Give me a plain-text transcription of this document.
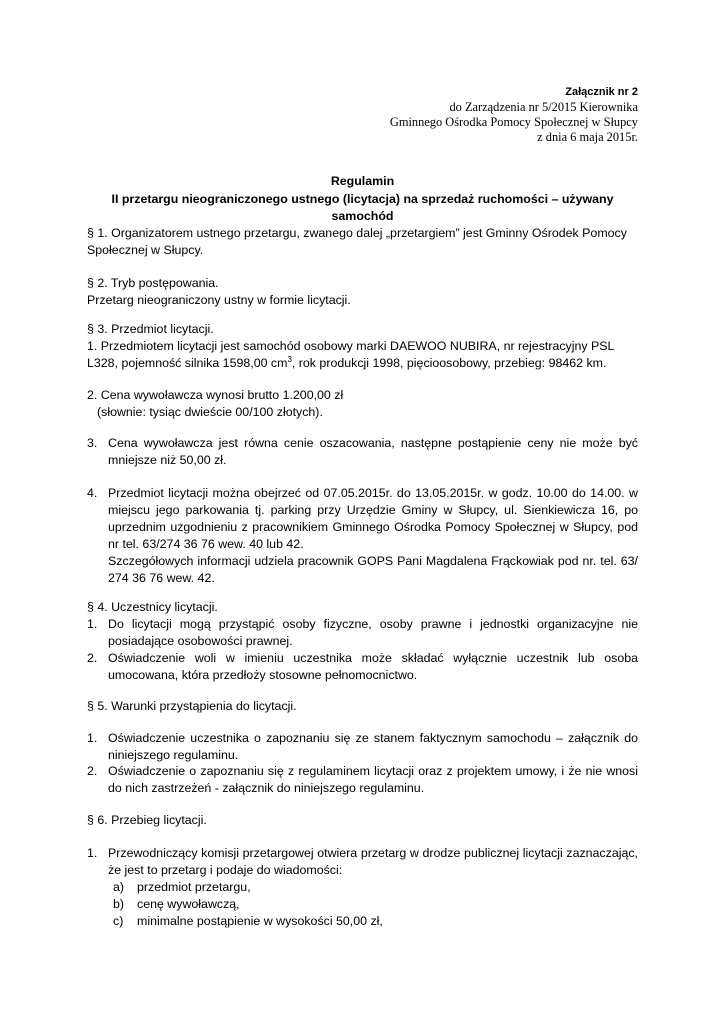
Załącznik nr 2
do Zarządzenia nr 5/2015 Kierownika
Gminnego Ośrodka Pomocy Społecznej w Słupcy
z dnia 6 maja 2015r.
Regulamin
II przetargu nieograniczonego ustnego (licytacja) na sprzedaż ruchomości – używany samochód

§ 1. Organizatorem ustnego przetargu, zwanego dalej „przetargiem” jest Gminny Ośrodek Pomocy Społecznej w Słupcy.

§ 2. Tryb postępowania.
Przetarg nieograniczony ustny w formie licytacji.
§ 3. Przedmiot licytacji.

1. Przedmiotem licytacji jest samochód osobowy marki DAEWOO NUBIRA, nr rejestracyjny PSL L328, pojemność silnika 1598,00 $cm^3$, rok produkcji 1998, pięcioosobowy, przebieg: 98462 km.

2. Cena wywoławcza wynosi brutto 1.200,00 zł
(słownie: tysiąc dwieście 00/100 złotych).
3. Cena wywoławcza jest równa cenie oszacowania, następne postąpienie ceny nie może być mniejsze niż 50,00 zł.

4. Przedmiot licytacji można obejrzeć od 07.05.2015r. do 13.05.2015r. w godz. 10.00 do 14.00. w miejscu jego parkowania tj. parking przy Urzędzie Gminy w Słupcy, ul. Sienkiewicza 16, po uprzednim uzgodnieniu z pracownikiem Gminnego Ośrodka Pomocy Społecznej w Słupcy, pod nr tel. 63/274 36 76 wew. 40 lub 42.

Szczegółowych informacji udziela pracownik GOPS Pani Magdalena Frąckowiak pod nr. tel. 63/ 274 36 76 wew. 42.

§ 4. Uczestnicy licytacji.
1. Do licytacji mogą przystąpić osoby fizyczne, osoby prawne i jednostki organizacyjne nie posiadające osobowości prawnej.

2. Oświadczenie woli w imieniu uczestnika może składać wyłącznie uczestnik lub osoba umocowana, która przedłoży stosowne pełnomocnictwo.

§ 5. Warunki przystąpienia do licytacji.
1. Oświadczenie uczestnika o zapoznaniu się ze stanem faktycznym samochodu – załącznik do niniejszego regulaminu.

2. Oświadczenie o zapoznaniu się z regulaminem licytacji oraz z projektem umowy, i że nie wnosi do nich zastrzeżeń - załącznik do niniejszego regulaminu.

§ 6. Przebieg licytacji.
1. Przewodniczący komisji przetargowej otwiera przetarg w drodze publicznej licytacji zaznaczając, że jest to przetarg i podaje do wiadomości:

a) przedmiot przetargu,
b) cenę wywoławczą,
c) minimalne postąpienie w wysokości 50,00 zł,
